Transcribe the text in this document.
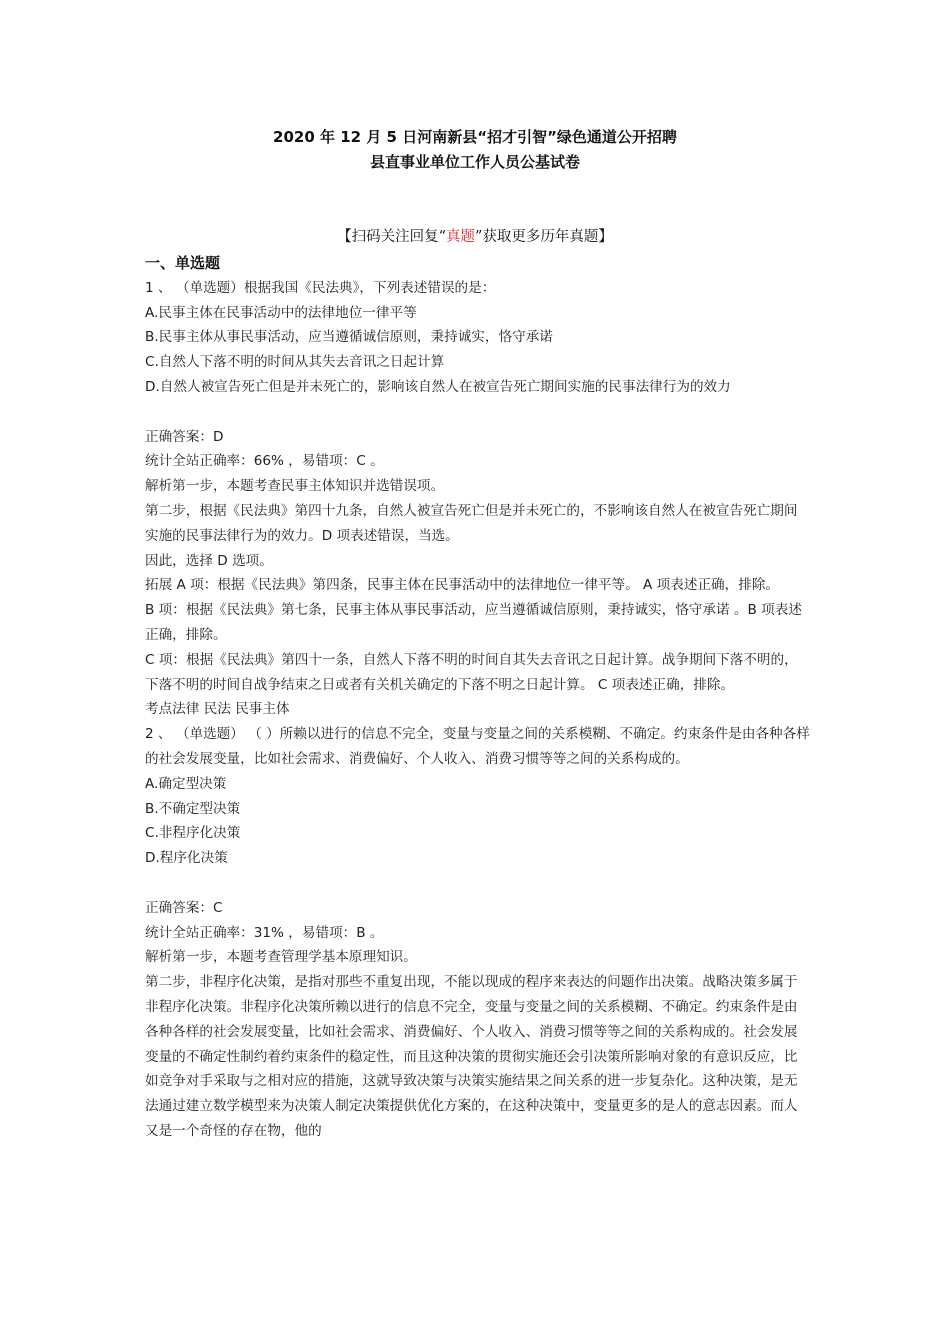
2020 年 12 月 5 日河南新县“招才引智”绿色通道公开招聘
县直事业单位工作人员公基试卷
【扫码关注回复“真题”获取更多历年真题】

一、单选题

1 、 （单选题）根据我国《民法典》，下列表述错误的是：

A.民事主体在民事活动中的法律地位一律平等

B.民事主体从事民事活动，应当遵循诚信原则，秉持诚实，恪守承诺

C.自然人下落不明的时间从其失去音讯之日起计算

D.自然人被宣告死亡但是并未死亡的，影响该自然人在被宣告死亡期间实施的民事法律行为的效力

正确答案：D

统计全站正确率：66% ，易错项：C 。

解析第一步，本题考查民事主体知识并选错误项。

第二步，根据《民法典》第四十九条，自然人被宣告死亡但是并未死亡的，不影响该自然人在被宣告死亡期间实施的民事法律行为的效力。D 项表述错误，当选。

因此，选择 D 选项。

拓展 A 项：根据《民法典》第四条，民事主体在民事活动中的法律地位一律平等。 A 项表述正确，排除。

B 项：根据《民法典》第七条，民事主体从事民事活动，应当遵循诚信原则，秉持诚实，恪守承诺 。B 项表述正确，排除。

C 项：根据《民法典》第四十一条，自然人下落不明的时间自其失去音讯之日起计算。战争期间下落不明的，下落不明的时间自战争结束之日或者有关机关确定的下落不明之日起计算。 C 项表述正确，排除。

考点法律 民法 民事主体

2 、 （单选题） （ ）所赖以进行的信息不完全，变量与变量之间的关系模糊、不确定。约束条件是由各种各样的社会发展变量，比如社会需求、消费偏好、个人收入、消费习惯等等之间的关系构成的。

A.确定型决策

B.不确定型决策

C.非程序化决策

D.程序化决策

正确答案：C

统计全站正确率：31% ，易错项：B 。

解析第一步，本题考查管理学基本原理知识。

第二步，非程序化决策，是指对那些不重复出现，不能以现成的程序来表达的问题作出决策。战略决策多属于非程序化决策。非程序化决策所赖以进行的信息不完全，变量与变量之间的关系模糊、不确定。约束条件是由各种各样的社会发展变量，比如社会需求、消费偏好、个人收入、消费习惯等等之间的关系构成的。社会发展变量的不确定性制约着约束条件的稳定性，而且这种决策的贯彻实施还会引决策所影响对象的有意识反应，比如竞争对手采取与之相对应的措施，这就导致决策与决策实施结果之间关系的进一步复杂化。这种决策，是无法通过建立数学模型来为决策人制定决策提供优化方案的，在这种决策中，变量更多的是人的意志因素。而人又是一个奇怪的存在物，他的
